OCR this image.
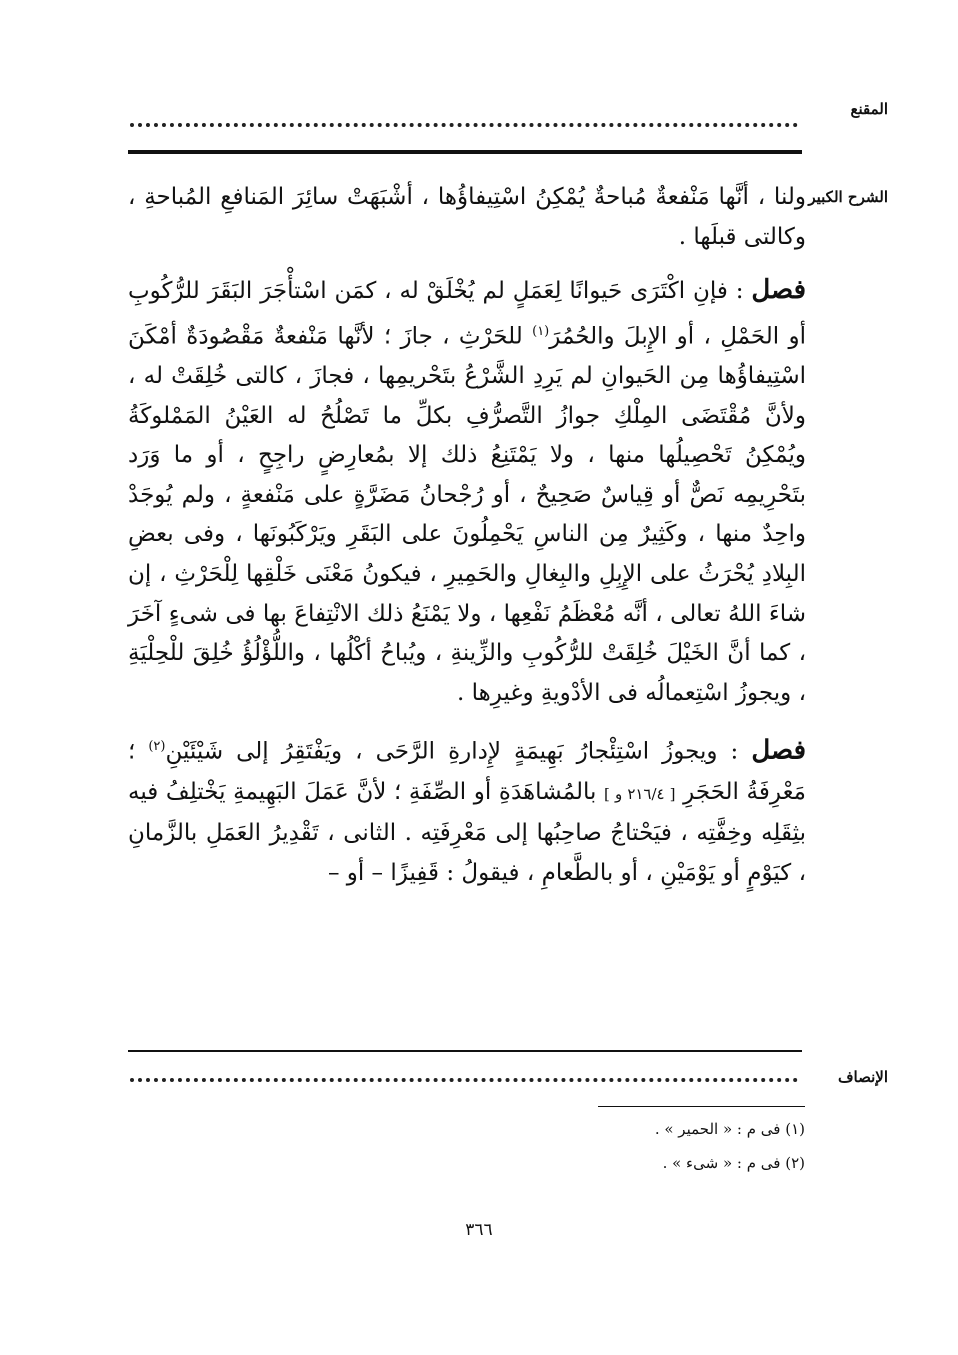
المقنع
الشرح الكبير

ولنا ، أنَّها مَنْفعةٌ مُباحةٌ يُمْكِنُ اسْتِيفاؤُها ، أشْبَهَتْ سائِرَ المَنافعِ المُباحةِ ، وكالتى قبلَها .

فصل : فإنِ اكْتَرَى حَيوانًا لِعَمَلٍ لم يُخْلَقْ له ، كمَن اسْتأْجَرَ البَقَرَ للرُّكُوبِ أو الحَمْلِ ، أو الإِبلَ والحُمُرَ$^{(١)}$ للحَرْثِ ، جازَ ؛ لأنَّها مَنْفعةٌ مَقْصُودَةٌ أمْكَنَ اسْتِيفاؤُها مِن الحَيوانِ لم يَرِدِ الشَّرْعُ بتَحْريمِها ، فجازَ ، كالتى خُلِقَتْ له ، ولأنَّ مُقْتَضَى المِلْكِ جوازُ التَّصرُّفِ بكلِّ ما تَصْلُحُ له العَيْنُ المَمْلوكَةُ ويُمْكِنُ تَحْصِيلُها منها ، ولا يَمْتَنِعُ ذلك إلا بمُعارِضٍ راجِحٍ ، أو ما وَرَد بتَحْرِيمِه نَصٌّ أو قِياسٌ صَحِيحٌ ، أو رُجْحانُ مَضَرَّةٍ على مَنْفعةٍ ، ولم يُوجَدْ واحِدٌ منها ، وكَثِيرٌ مِن الناسِ يَحْمِلُونَ على البَقَرِ ويَرْكَبُونَها ، وفى بعضِ البِلادِ يُحْرَثُ على الإِبِلِ والبِغالِ والحَمِيرِ ، فيكونُ مَعْنَى خَلْقِها لِلْحَرْثِ ، إن شاءَ اللهُ تعالى ، أنَّه مُعْظَمُ نَفْعِها ، ولا يَمْنَعُ ذلك الانْتِفاعَ بها فى شىءٍ آخَرَ ، كما أنَّ الخَيْلَ خُلِقَتْ للرُّكُوبِ والزِّينةِ ، ويُباحُ أكْلُها ، واللُّؤْلُؤُ خُلِقَ للْحِلْيَةِ ، ويجوزُ اسْتِعمالُه فى الأدْويةِ وغيرِها .

فصل : ويجوزُ اسْتِئْجارُ بَهِيمَةٍ لإِدارةِ الرَّحَى ، ويَفْتَقِرُ إلى شَيْئَيْنِ$^{(٢)}$ ؛ مَعْرِفَةُ الحَجَرِ [ ٢١٦/٤ و ] بالمُشاهَدَةِ أو الصِّفَةِ ؛ لأنَّ عَمَلَ البَهِيمةِ يَخْتلِفُ فيه بثِقَلِه وخِفَّتِه ، فيَحْتاجُ صاحِبُها إلى مَعْرِفَتِه . الثانى ، تَقْدِيرُ العَمَلِ بالزَّمانِ ، كيَوْمٍ أو يَوْمَيْنِ ، أو بالطَّعامِ ، فيقولُ : قَفِيزًا – أو –

الإنصاف
(١) فى م : « الحمير » .
(٢) فى م : « شىء » .
٣٦٦
